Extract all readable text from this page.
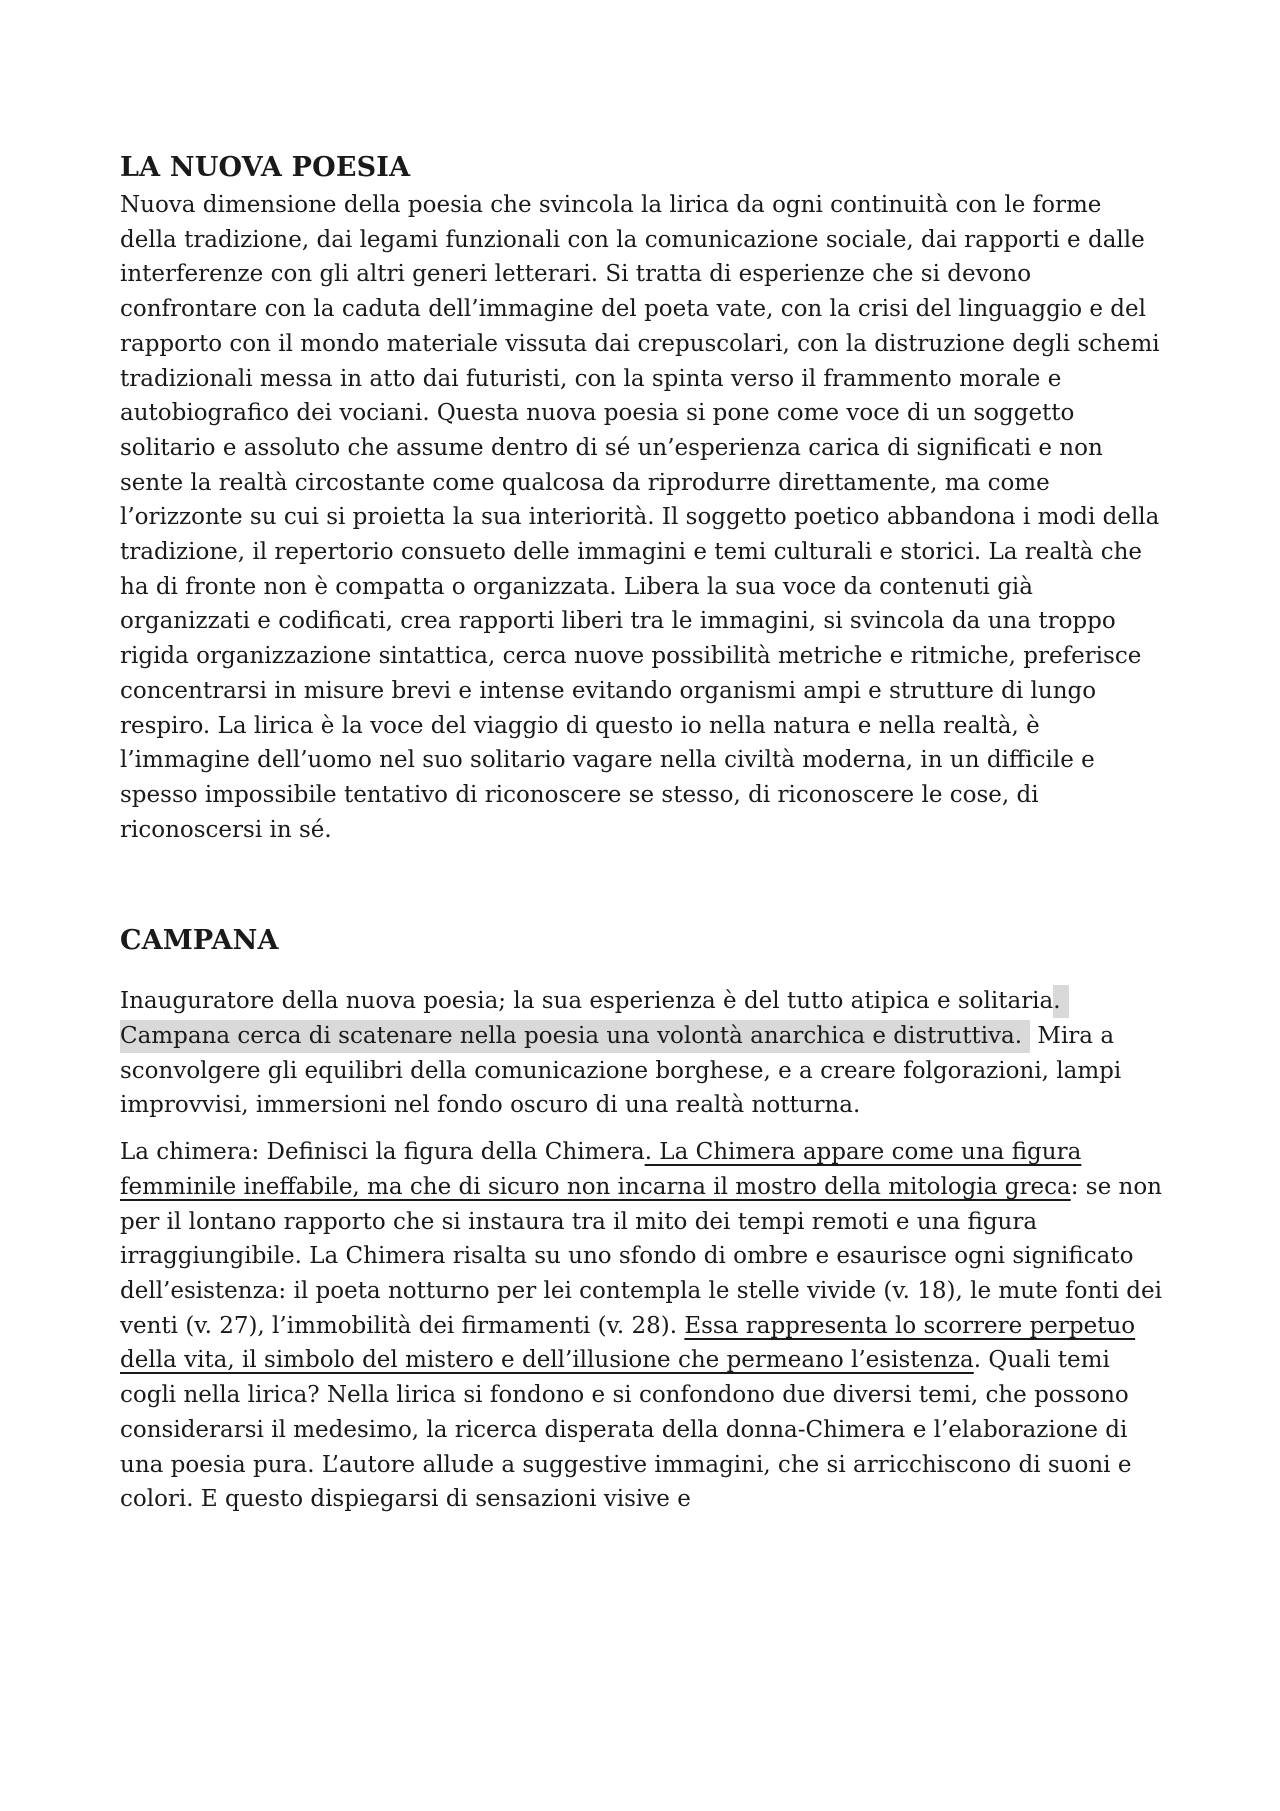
LA NUOVA POESIA

Nuova dimensione della poesia che svincola la lirica da ogni continuità con le forme della tradizione, dai legami funzionali con la comunicazione sociale, dai rapporti e dalle interferenze con gli altri generi letterari. Si tratta di esperienze che si devono confrontare con la caduta dell’immagine del poeta vate, con la crisi del linguaggio e del rapporto con il mondo materiale vissuta dai crepuscolari, con la distruzione degli schemi tradizionali messa in atto dai futuristi, con la spinta verso il frammento morale e autobiografico dei vociani. Questa nuova poesia si pone come voce di un soggetto solitario e assoluto che assume dentro di sé un’esperienza carica di significati e non sente la realtà circostante come qualcosa da riprodurre direttamente, ma come l’orizzonte su cui si proietta la sua interiorità. Il soggetto poetico abbandona i modi della tradizione, il repertorio consueto delle immagini e temi culturali e storici. La realtà che ha di fronte non è compatta o organizzata. Libera la sua voce da contenuti già organizzati e codificati, crea rapporti liberi tra le immagini, si svincola da una troppo rigida organizzazione sintattica, cerca nuove possibilità metriche e ritmiche, preferisce concentrarsi in misure brevi e intense evitando organismi ampi e strutture di lungo respiro. La lirica è la voce del viaggio di questo io nella natura e nella realtà, è l’immagine dell’uomo nel suo solitario vagare nella civiltà moderna, in un difficile e spesso impossibile tentativo di riconoscere se stesso, di riconoscere le cose, di riconoscersi in sé.

CAMPANA

Inauguratore della nuova poesia; la sua esperienza è del tutto atipica e solitaria. Campana cerca di scatenare nella poesia una volontà anarchica e distruttiva. Mira a sconvolgere gli equilibri della comunicazione borghese, e a creare folgorazioni, lampi improvvisi, immersioni nel fondo oscuro di una realtà notturna.

La chimera: Definisci la figura della Chimera. La Chimera appare come una figura femminile ineffabile, ma che di sicuro non incarna il mostro della mitologia greca: se non per il lontano rapporto che si instaura tra il mito dei tempi remoti e una figura irraggiungibile. La Chimera risalta su uno sfondo di ombre e esaurisce ogni significato dell’esistenza: il poeta notturno per lei contempla le stelle vivide (v. 18), le mute fonti dei venti (v. 27), l’immobilità dei firmamenti (v. 28). Essa rappresenta lo scorrere perpetuo della vita, il simbolo del mistero e dell’illusione che permeano l’esistenza. Quali temi cogli nella lirica? Nella lirica si fondono e si confondono due diversi temi, che possono considerarsi il medesimo, la ricerca disperata della donna-Chimera e l’elaborazione di una poesia pura. L’autore allude a suggestive immagini, che si arricchiscono di suoni e colori. E questo dispiegarsi di sensazioni visive e
